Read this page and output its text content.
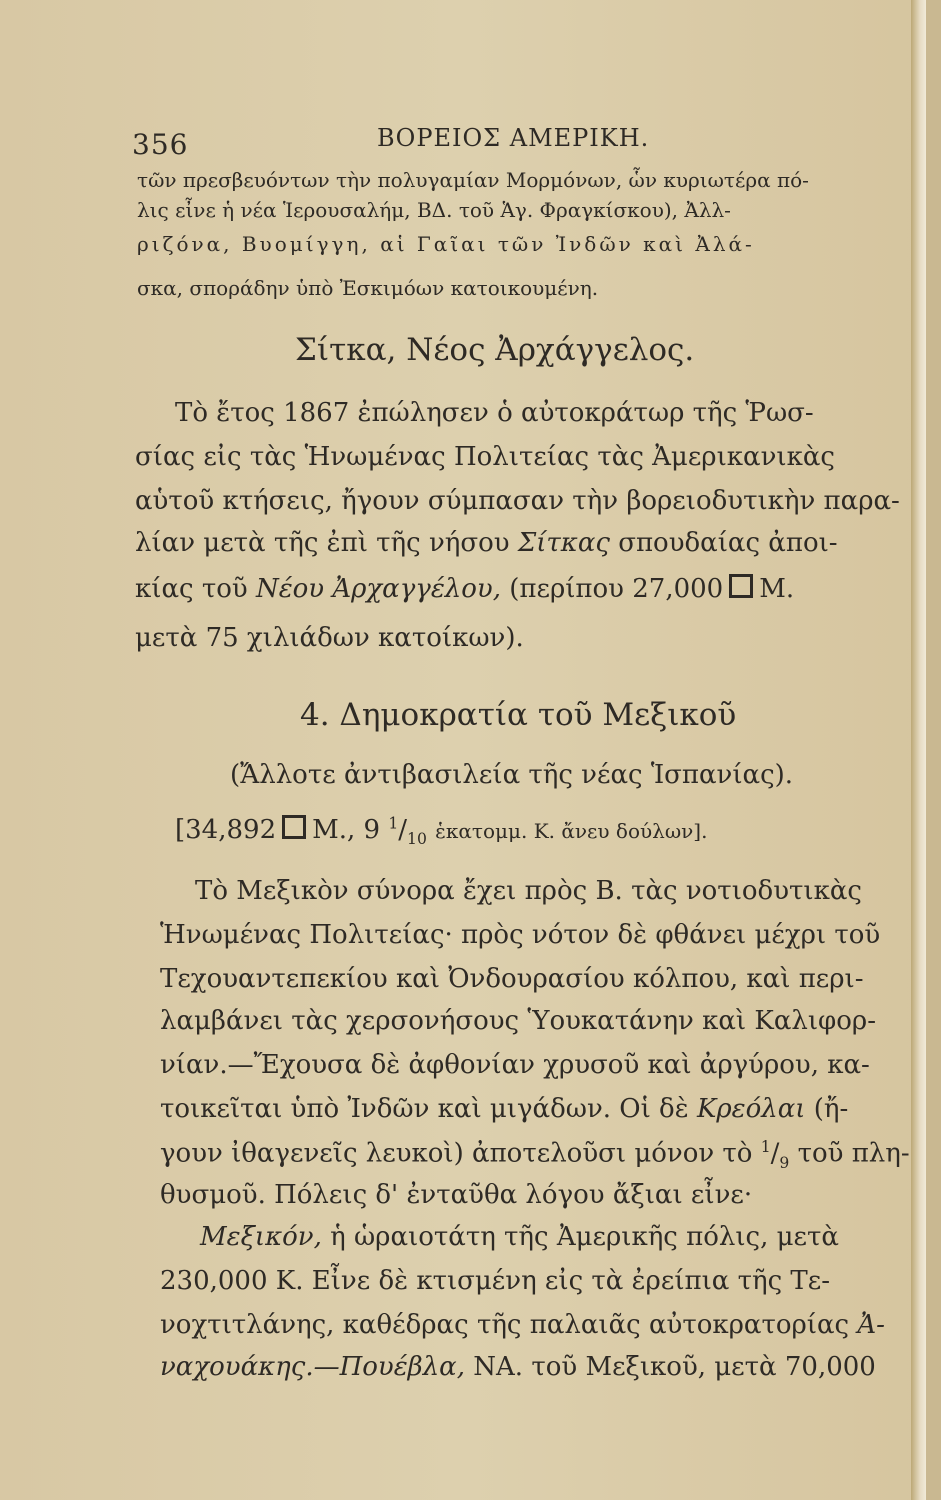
356	ΒΟΡΕΙΟΣ ΑΜΕΡΙΚΗ.
τῶν πρεσβευόντων τὴν πολυγαμίαν Μορμόνων, ὧν κυριωτέρα πό-
λις εἶνε ἡ νέα Ἱερουσαλήμ, ΒΔ. τοῦ Ἁγ. Φραγκίσκου), Ἀλλ-
ριζόνα, Βυομίγγη, αἱ Γαῖαι τῶν Ἰνδῶν καὶ Ἀλά-
σκα, σποράδην ὑπὸ Ἐσκιμόων κατοικουμένη.
Σίτκα, Νέος Ἀρχάγγελος.
Τὸ ἔτος 1867 ἐπώλησεν ὁ αὐτοκράτωρ τῆς Ῥωσ-
σίας εἰς τὰς Ἡνωμένας Πολιτείας τὰς Ἀμερικανικὰς
αὑτοῦ κτήσεις, ἤγουν σύμπασαν τὴν βορειοδυτικὴν παρα-
λίαν μετὰ τῆς ἐπὶ τῆς νήσου Σίτκας σπουδαίας ἀποι-
κίας τοῦ Νέου Ἀρχαγγέλου, (περίπου 27,000 Μ.
μετὰ 75 χιλιάδων κατοίκων).
4. Δημοκρατία τοῦ Μεξικοῦ
(Ἄλλοτε ἀντιβασιλεία τῆς νέας Ἱσπανίας).
[34,892 Μ., 9 $^1/_{10}$ ἑκατομμ. Κ. ἄνευ δούλων].
Τὸ Μεξικὸν σύνορα ἔχει πρὸς Β. τὰς νοτιοδυτικὰς
Ἡνωμένας Πολιτείας· πρὸς νότον δὲ φθάνει μέχρι τοῦ
Τεχουαντεπεκίου καὶ Ὀνδουρασίου κόλπου, καὶ περι-
λαμβάνει τὰς χερσονήσους Ὑουκατάνην καὶ Καλιφορ-
νίαν.—Ἔχουσα δὲ ἀφθονίαν χρυσοῦ καὶ ἀργύρου, κα-
τοικεῖται ὑπὸ Ἰνδῶν καὶ μιγάδων. Οἱ δὲ Κρεόλαι (ἤ-
γουν ἰθαγενεῖς λευκοὶ) ἀποτελοῦσι μόνον τὸ $^1/_9$ τοῦ πλη-
θυσμοῦ. Πόλεις δ' ἐνταῦθα λόγου ἄξιαι εἶνε·
Μεξικόν, ἡ ὡραιοτάτη τῆς Ἀμερικῆς πόλις, μετὰ
230,000 Κ. Εἶνε δὲ κτισμένη εἰς τὰ ἐρείπια τῆς Τε-
νοχτιτλάνης, καθέδρας τῆς παλαιᾶς αὐτοκρατορίας Ἀ-
ναχουάκης.—Πουέβλα, ΝΑ. τοῦ Μεξικοῦ, μετὰ 70,000
